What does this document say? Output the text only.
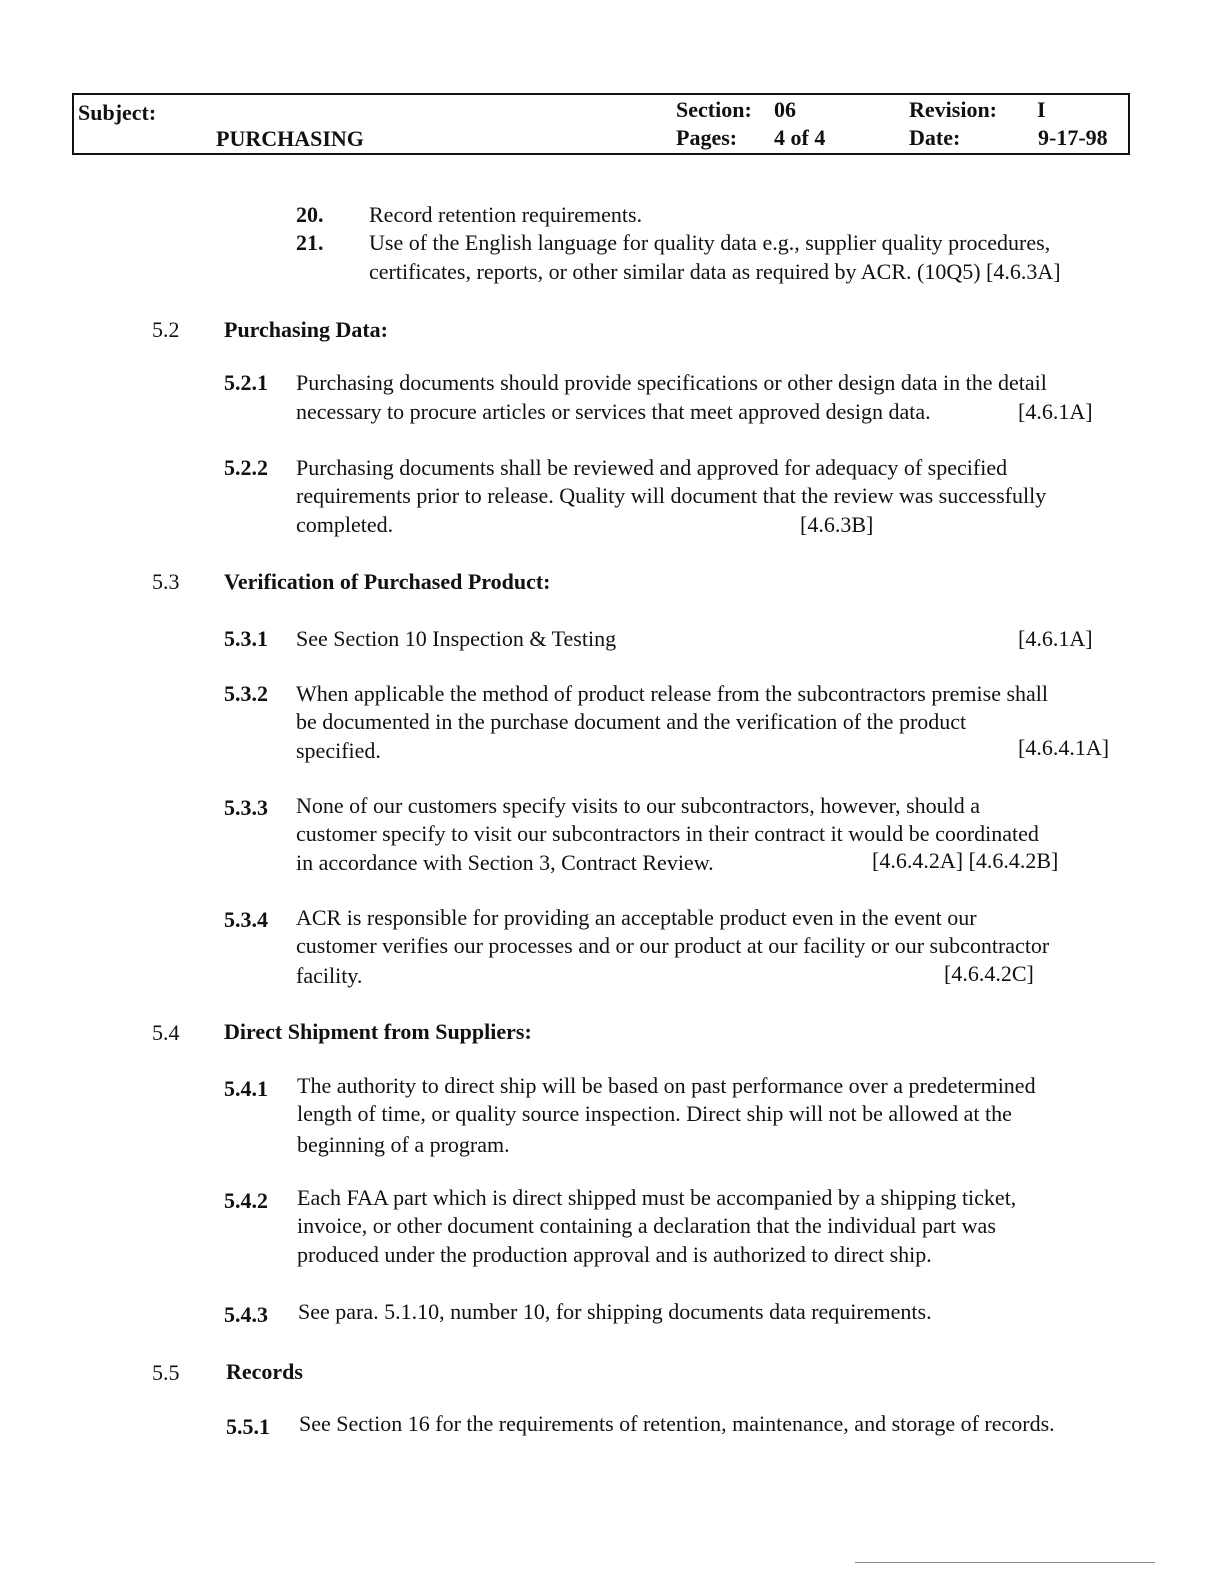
Subject:
PURCHASING
Section: 06
Pages: 4 of 4
Revision: I
Date:	9-17-98
20. Record retention requirements.
21. Use of the English language for quality data e.g., supplier quality procedures,
certificates, reports, or other similar data as required by ACR. (10Q5) [4.6.3A]
5.2 Purchasing Data:
5.2.1 Purchasing documents should provide specifications or other design data in the detail
necessary to procure articles or services that meet approved design data.	[4.6.1A]
5.2.2 Purchasing documents shall be reviewed and approved for adequacy of specified
requirements prior to release. Quality will document that the review was successfully
completed.	[4.6.3B]
5.3 Verification of Purchased Product:
5.3.1 See Section 10 Inspection & Testing	[4.6.1A]
5.3.2 When applicable the method of product release from the subcontractors premise shall
be documented in the purchase document and the verification of the product
specified.	[4.6.4.1A]
5.3.3 None of our customers specify visits to our subcontractors, however, should a
customer specify to visit our subcontractors in their contract it would be coordinated
in accordance with Section 3, Contract Review.	[4.6.4.2A] [4.6.4.2B]
5.3.4 ACR is responsible for providing an acceptable product even in the event our
customer verifies our processes and or our product at our facility or our subcontractor
facility.	[4.6.4.2C]
5.4 Direct Shipment from Suppliers:
5.4.1 The authority to direct ship will be based on past performance over a predetermined
length of time, or quality source inspection. Direct ship will not be allowed at the
beginning of a program.
5.4.2 Each FAA part which is direct shipped must be accompanied by a shipping ticket,
invoice, or other document containing a declaration that the individual part was
produced under the production approval and is authorized to direct ship.
5.4.3 See para. 5.1.10, number 10, for shipping documents data requirements.
5.5 Records
5.5.1 See Section 16 for the requirements of retention, maintenance, and storage of records.
